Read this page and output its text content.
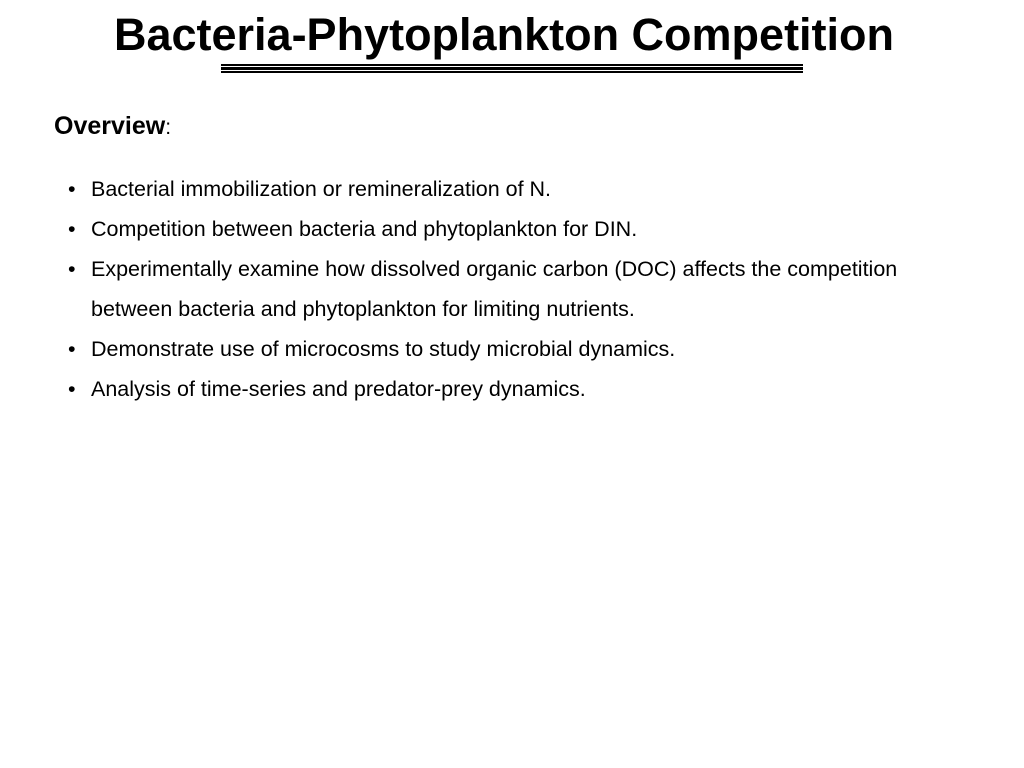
Bacteria-Phytoplankton Competition

Overview:

• Bacterial immobilization or remineralization of N.
• Competition between bacteria and phytoplankton for DIN.
• Experimentally examine how dissolved organic carbon (DOC) affects the competition between bacteria and phytoplankton for limiting nutrients.
• Demonstrate use of microcosms to study microbial dynamics.
• Analysis of time-series and predator-prey dynamics.
